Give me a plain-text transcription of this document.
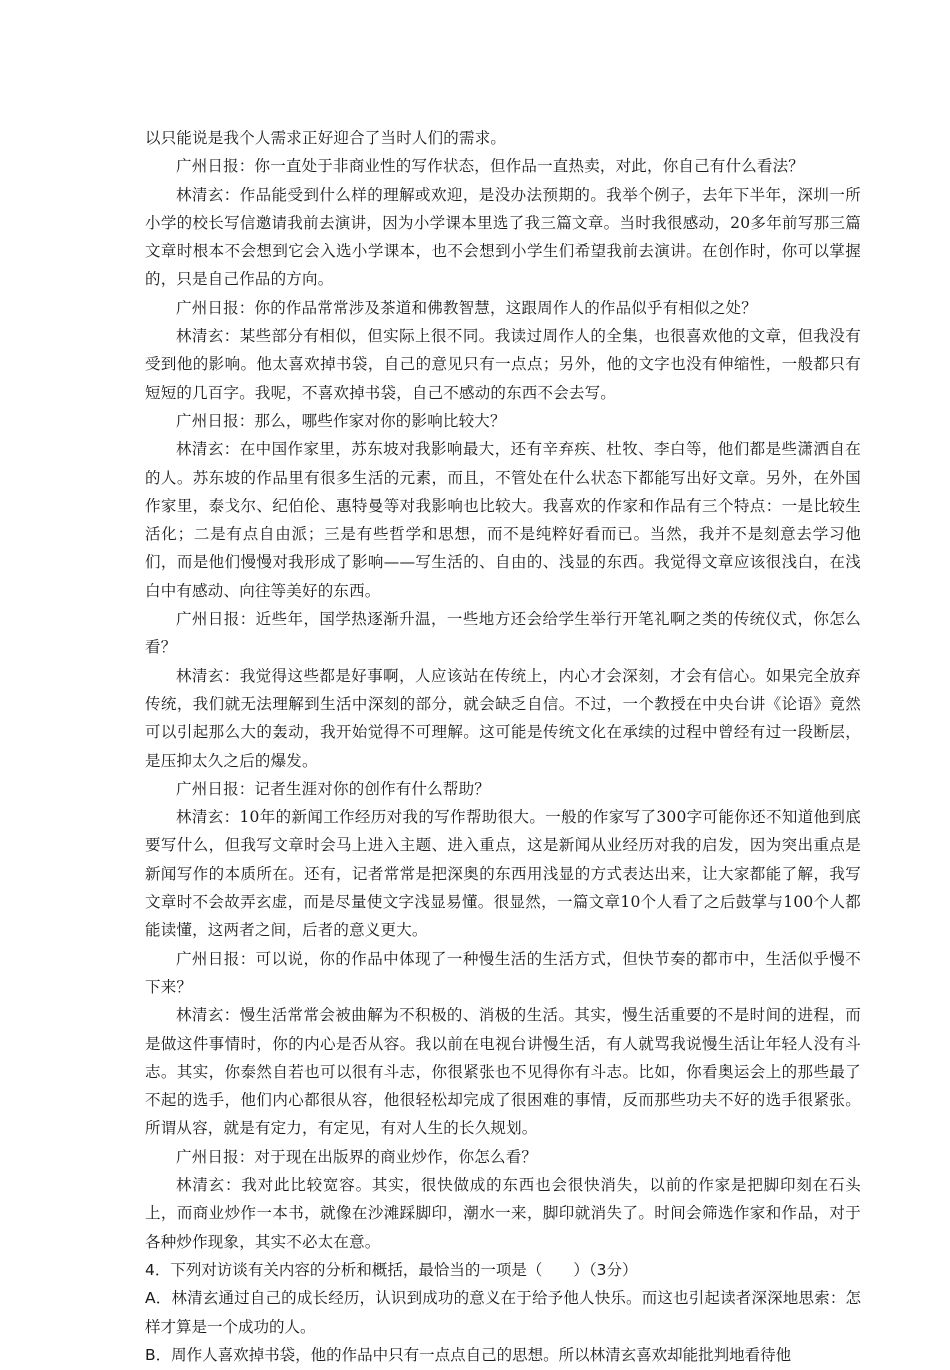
以只能说是我个人需求正好迎合了当时人们的需求。

广州日报：你一直处于非商业性的写作状态，但作品一直热卖，对此，你自己有什么看法？

林清玄：作品能受到什么样的理解或欢迎，是没办法预期的。我举个例子，去年下半年，深圳一所小学的校长写信邀请我前去演讲，因为小学课本里选了我三篇文章。当时我很感动，20多年前写那三篇文章时根本不会想到它会入选小学课本，也不会想到小学生们希望我前去演讲。在创作时，你可以掌握的，只是自己作品的方向。

广州日报：你的作品常常涉及茶道和佛教智慧，这跟周作人的作品似乎有相似之处？

林清玄：某些部分有相似，但实际上很不同。我读过周作人的全集，也很喜欢他的文章，但我没有受到他的影响。他太喜欢掉书袋，自己的意见只有一点点；另外，他的文字也没有伸缩性，一般都只有短短的几百字。我呢，不喜欢掉书袋，自己不感动的东西不会去写。

广州日报：那么，哪些作家对你的影响比较大？

林清玄：在中国作家里，苏东坡对我影响最大，还有辛弃疾、杜牧、李白等，他们都是些潇洒自在的人。苏东坡的作品里有很多生活的元素，而且，不管处在什么状态下都能写出好文章。另外，在外国作家里，泰戈尔、纪伯伦、惠特曼等对我影响也比较大。我喜欢的作家和作品有三个特点：一是比较生活化；二是有点自由派；三是有些哲学和思想，而不是纯粹好看而已。当然，我并不是刻意去学习他们，而是他们慢慢对我形成了影响——写生活的、自由的、浅显的东西。我觉得文章应该很浅白，在浅白中有感动、向往等美好的东西。

广州日报：近些年，国学热逐渐升温，一些地方还会给学生举行开笔礼啊之类的传统仪式，你怎么看？

林清玄：我觉得这些都是好事啊，人应该站在传统上，内心才会深刻，才会有信心。如果完全放弃传统，我们就无法理解到生活中深刻的部分，就会缺乏自信。不过，一个教授在中央台讲《论语》竟然可以引起那么大的轰动，我开始觉得不可理解。这可能是传统文化在承续的过程中曾经有过一段断层，是压抑太久之后的爆发。

广州日报：记者生涯对你的创作有什么帮助？

林清玄：10年的新闻工作经历对我的写作帮助很大。一般的作家写了300字可能你还不知道他到底要写什么，但我写文章时会马上进入主题、进入重点，这是新闻从业经历对我的启发，因为突出重点是新闻写作的本质所在。还有，记者常常是把深奥的东西用浅显的方式表达出来，让大家都能了解，我写文章时不会故弄玄虚，而是尽量使文字浅显易懂。很显然，一篇文章10个人看了之后鼓掌与100个人都能读懂，这两者之间，后者的意义更大。

广州日报：可以说，你的作品中体现了一种慢生活的生活方式，但快节奏的都市中，生活似乎慢不下来？

林清玄：慢生活常常会被曲解为不积极的、消极的生活。其实，慢生活重要的不是时间的进程，而是做这件事情时，你的内心是否从容。我以前在电视台讲慢生活，有人就骂我说慢生活让年轻人没有斗志。其实，你泰然自若也可以很有斗志，你很紧张也不见得你有斗志。比如，你看奥运会上的那些最了不起的选手，他们内心都很从容，他很轻松却完成了很困难的事情，反而那些功夫不好的选手很紧张。所谓从容，就是有定力，有定见，有对人生的长久规划。

广州日报：对于现在出版界的商业炒作，你怎么看？

林清玄：我对此比较宽容。其实，很快做成的东西也会很快消失，以前的作家是把脚印刻在石头上，而商业炒作一本书，就像在沙滩踩脚印，潮水一来，脚印就消失了。时间会筛选作家和作品，对于各种炒作现象，其实不必太在意。

4．下列对访谈有关内容的分析和概括，最恰当的一项是（　　）（3分）

A．林清玄通过自己的成长经历，认识到成功的意义在于给予他人快乐。而这也引起读者深深地思索：怎样才算是一个成功的人。

B．周作人喜欢掉书袋，他的作品中只有一点点自己的思想。所以林清玄喜欢却能批判地看待他
